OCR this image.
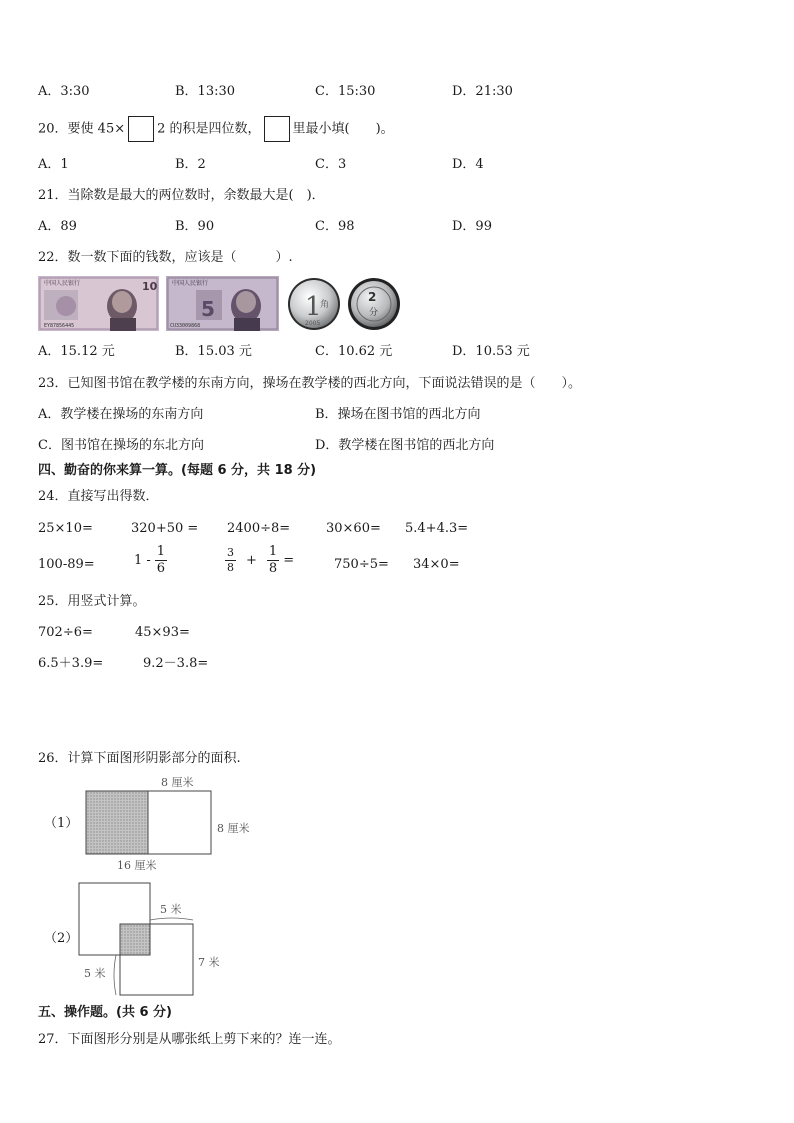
A．3:30	B．13:30	C．15:30	D．21:30
20．要使 45× 2 的积是四位数， 里最小填(　　)。
A．1	B．2	C．3	D．4
21．当除数是最大的两位数时，余数最大是(　)．
A．89	B．90	C．98	D．99
22．数一数下面的钱数，应该是（　　　）.
中国人民银行	10
EY87856445
5
中国人民银行
CU33009868
1
角
2005
2
分
A．15.12 元	B．15.03 元	C．10.62 元	D．10.53 元
23．已知图书馆在教学楼的东南方向，操场在教学楼的西北方向，下面说法错误的是（　　）。
A．教学楼在操场的东南方向	B．操场在图书馆的西北方向
C．图书馆在操场的东北方向	D．教学楼在图书馆的西北方向
四、勤奋的你来算一算。(每题 6 分，共 18 分)
24．直接写出得数．
25×10=	320+50 = 2400÷8=	30×60= 5.4+4.3=
100-89=	$1 - \frac{1}{6}$	$\frac{3}{8} + \frac{1}{8}$ =	750÷5= 34×0=
25．用竖式计算。
702÷6=	45×93=
6.5＋3.9=	9.2－3.8=
26．计算下面图形阴影部分的面积.
（1）
8 厘米
8 厘米
16 厘米
（2）
5 米
7 米
5 米
五、操作题。(共 6 分)
27．下面图形分别是从哪张纸上剪下来的？连一连。
